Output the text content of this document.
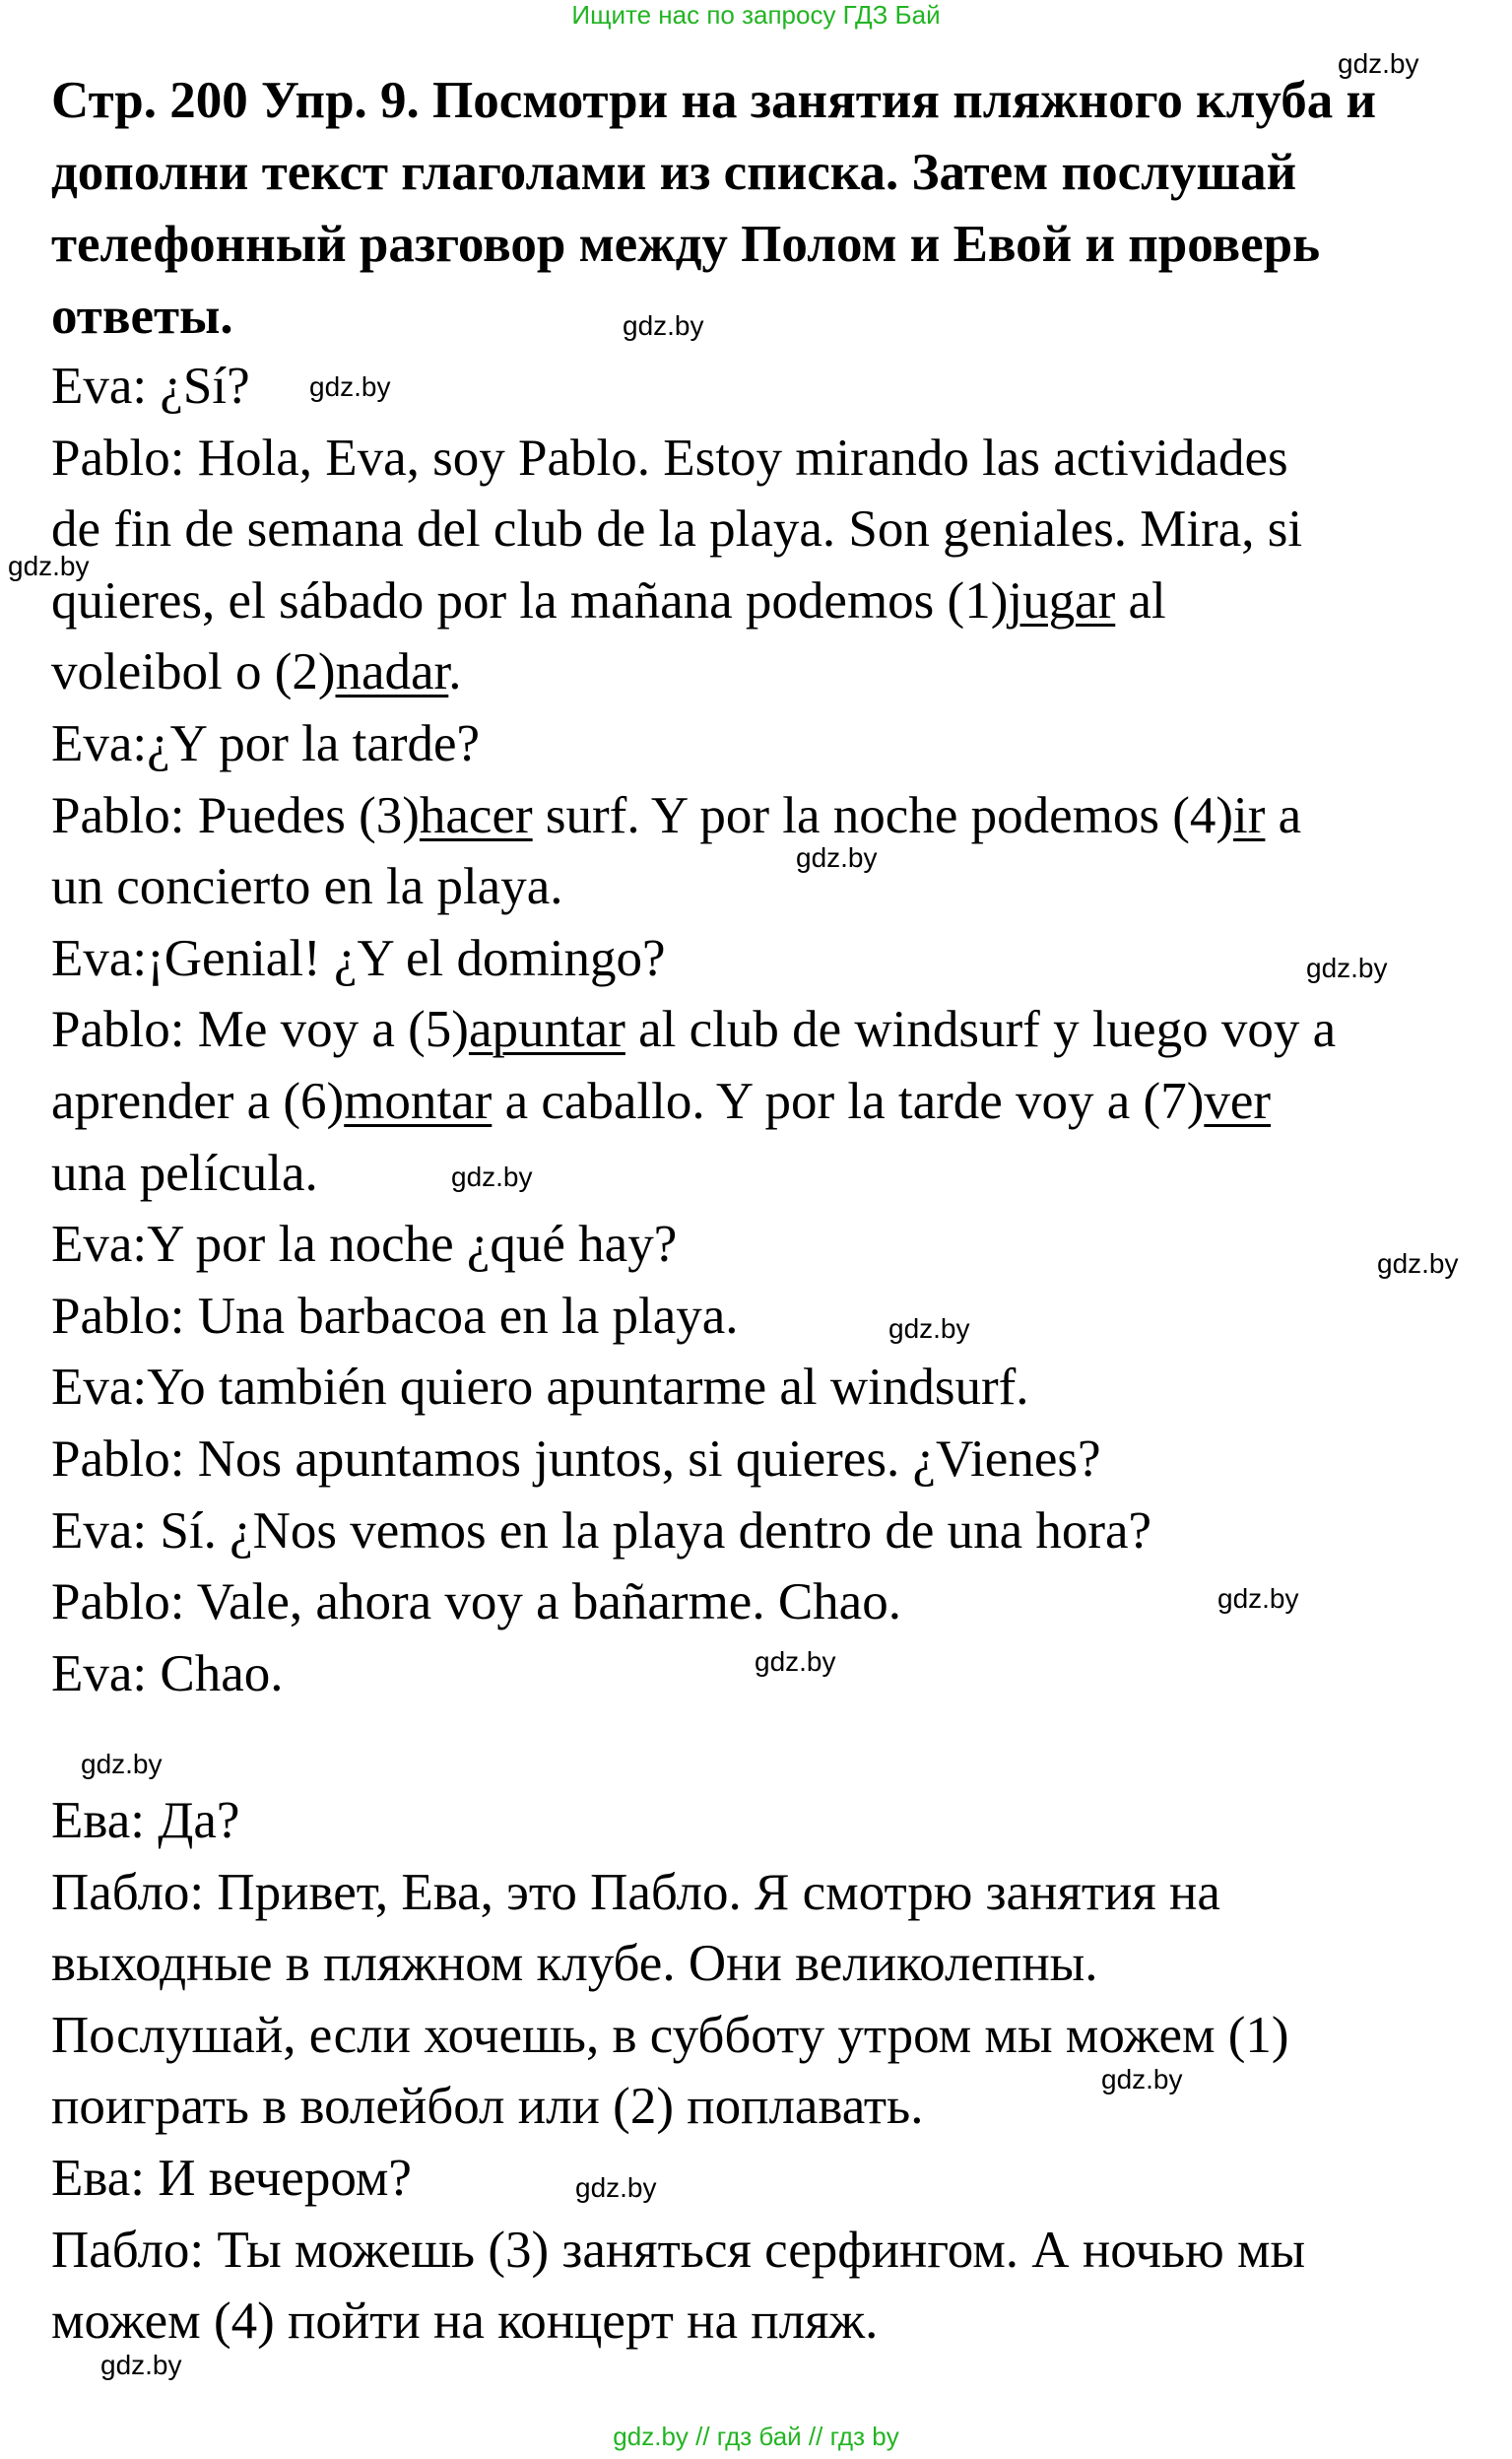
Ищите нас по запросу ГДЗ Бай
Стр. 200 Упр. 9. Посмотри на занятия пляжного клуба и дополни текст глаголами из списка. Затем послушай телефонный разговор между Полом и Евой и проверь ответы.
Eva: ¿Sí?
Pablo: Hola, Eva, soy Pablo. Estoy mirando las actividades
de fin de semana del club de la playa. Son geniales. Mira, si
quieres, el sábado por la mañana podemos (1)jugar al
voleibol o (2)nadar.
Eva:¿Y por la tarde?
Pablo: Puedes (3)hacer surf. Y por la noche podemos (4)ir a
un concierto en la playa.
Eva:¡Genial! ¿Y el domingo?
Pablo: Me voy a (5)apuntar al club de windsurf y luego voy a
aprender a (6)montar a caballo. Y por la tarde voy a (7)ver
una película.
Eva:Y por la noche ¿qué hay?
Pablo: Una barbacoa en la playa.
Eva:Yo también quiero apuntarme al windsurf.
Pablo: Nos apuntamos juntos, si quieres. ¿Vienes?
Eva: Sí. ¿Nos vemos en la playa dentro de una hora?
Pablo: Vale, ahora voy a bañarme. Chao.
Eva: Chao.
Ева: Да?
Пабло: Привет, Ева, это Пабло. Я смотрю занятия на
выходные в пляжном клубе. Они великолепны.
Послушай, если хочешь, в субботу утром мы можем (1)
поиграть в волейбол или (2) поплавать.
Ева: И вечером?
Пабло: Ты можешь (3) заняться серфингом. А ночью мы
можем (4) пойти на концерт на пляж.
gdz.by
gdz.by
gdz.by
gdz.by
gdz.by
gdz.by
gdz.by
gdz.by
gdz.by
gdz.by
gdz.by
gdz.by
gdz.by
gdz.by
gdz.by
gdz.by // гдз бай // гдз by
